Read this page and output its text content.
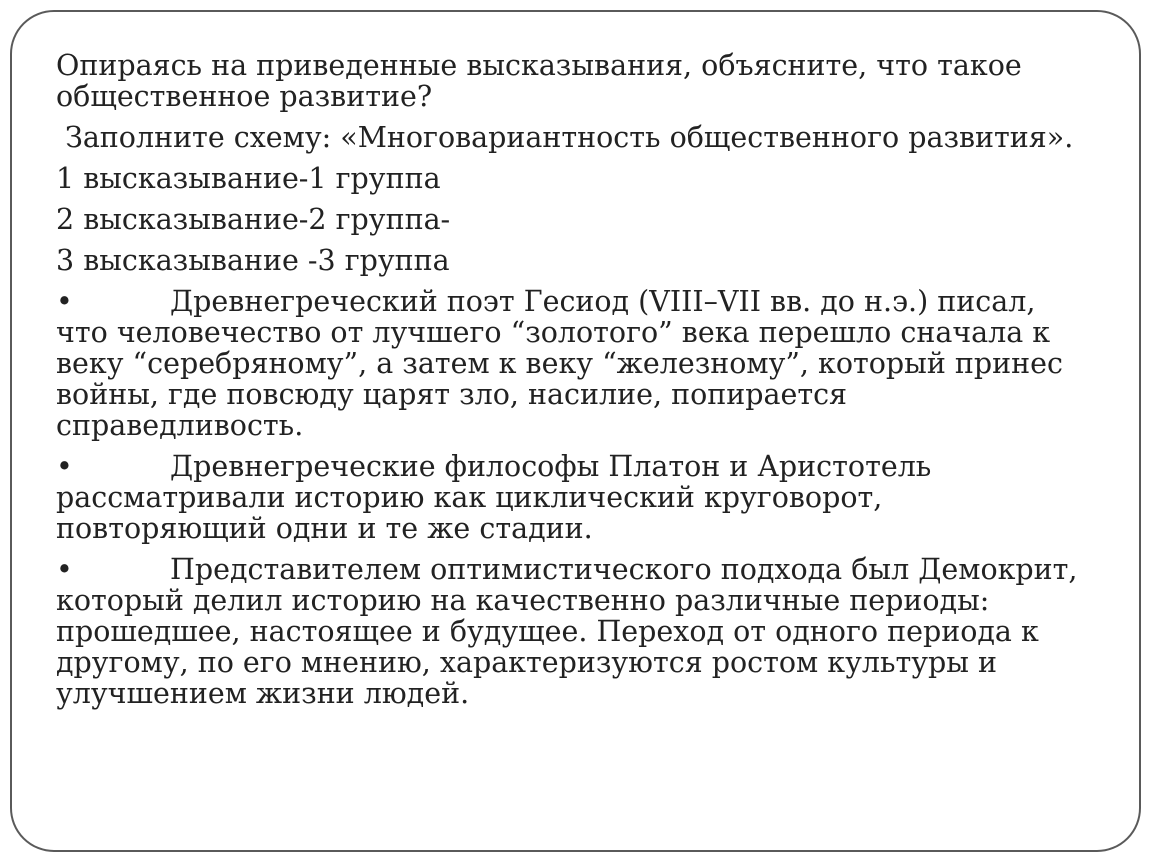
Опираясь на приведенные высказывания, объясните, что такое общественное развитие?

Заполните схему: «Многовариантность общественного развития».

1 высказывание-1 группа

2 высказывание-2 группа-

3 высказывание -3 группа

•	Древнегреческий поэт Гесиод (VIII–VII вв. до н.э.) писал, что человечество от лучшего “золотого” века перешло сначала к веку “серебряному”, а затем к веку “железному”, который принес войны, где повсюду царят зло, насилие, попирается справедливость.

•	Древнегреческие философы Платон и Аристотель рассматривали историю как циклический круговорот, повторяющий одни и те же стадии.

•	Представителем оптимистического подхода был Демокрит, который делил историю на качественно различные периоды: прошедшее, настоящее и будущее. Переход от одного периода к другому, по его мнению, характеризуются ростом культуры и улучшением жизни людей.
